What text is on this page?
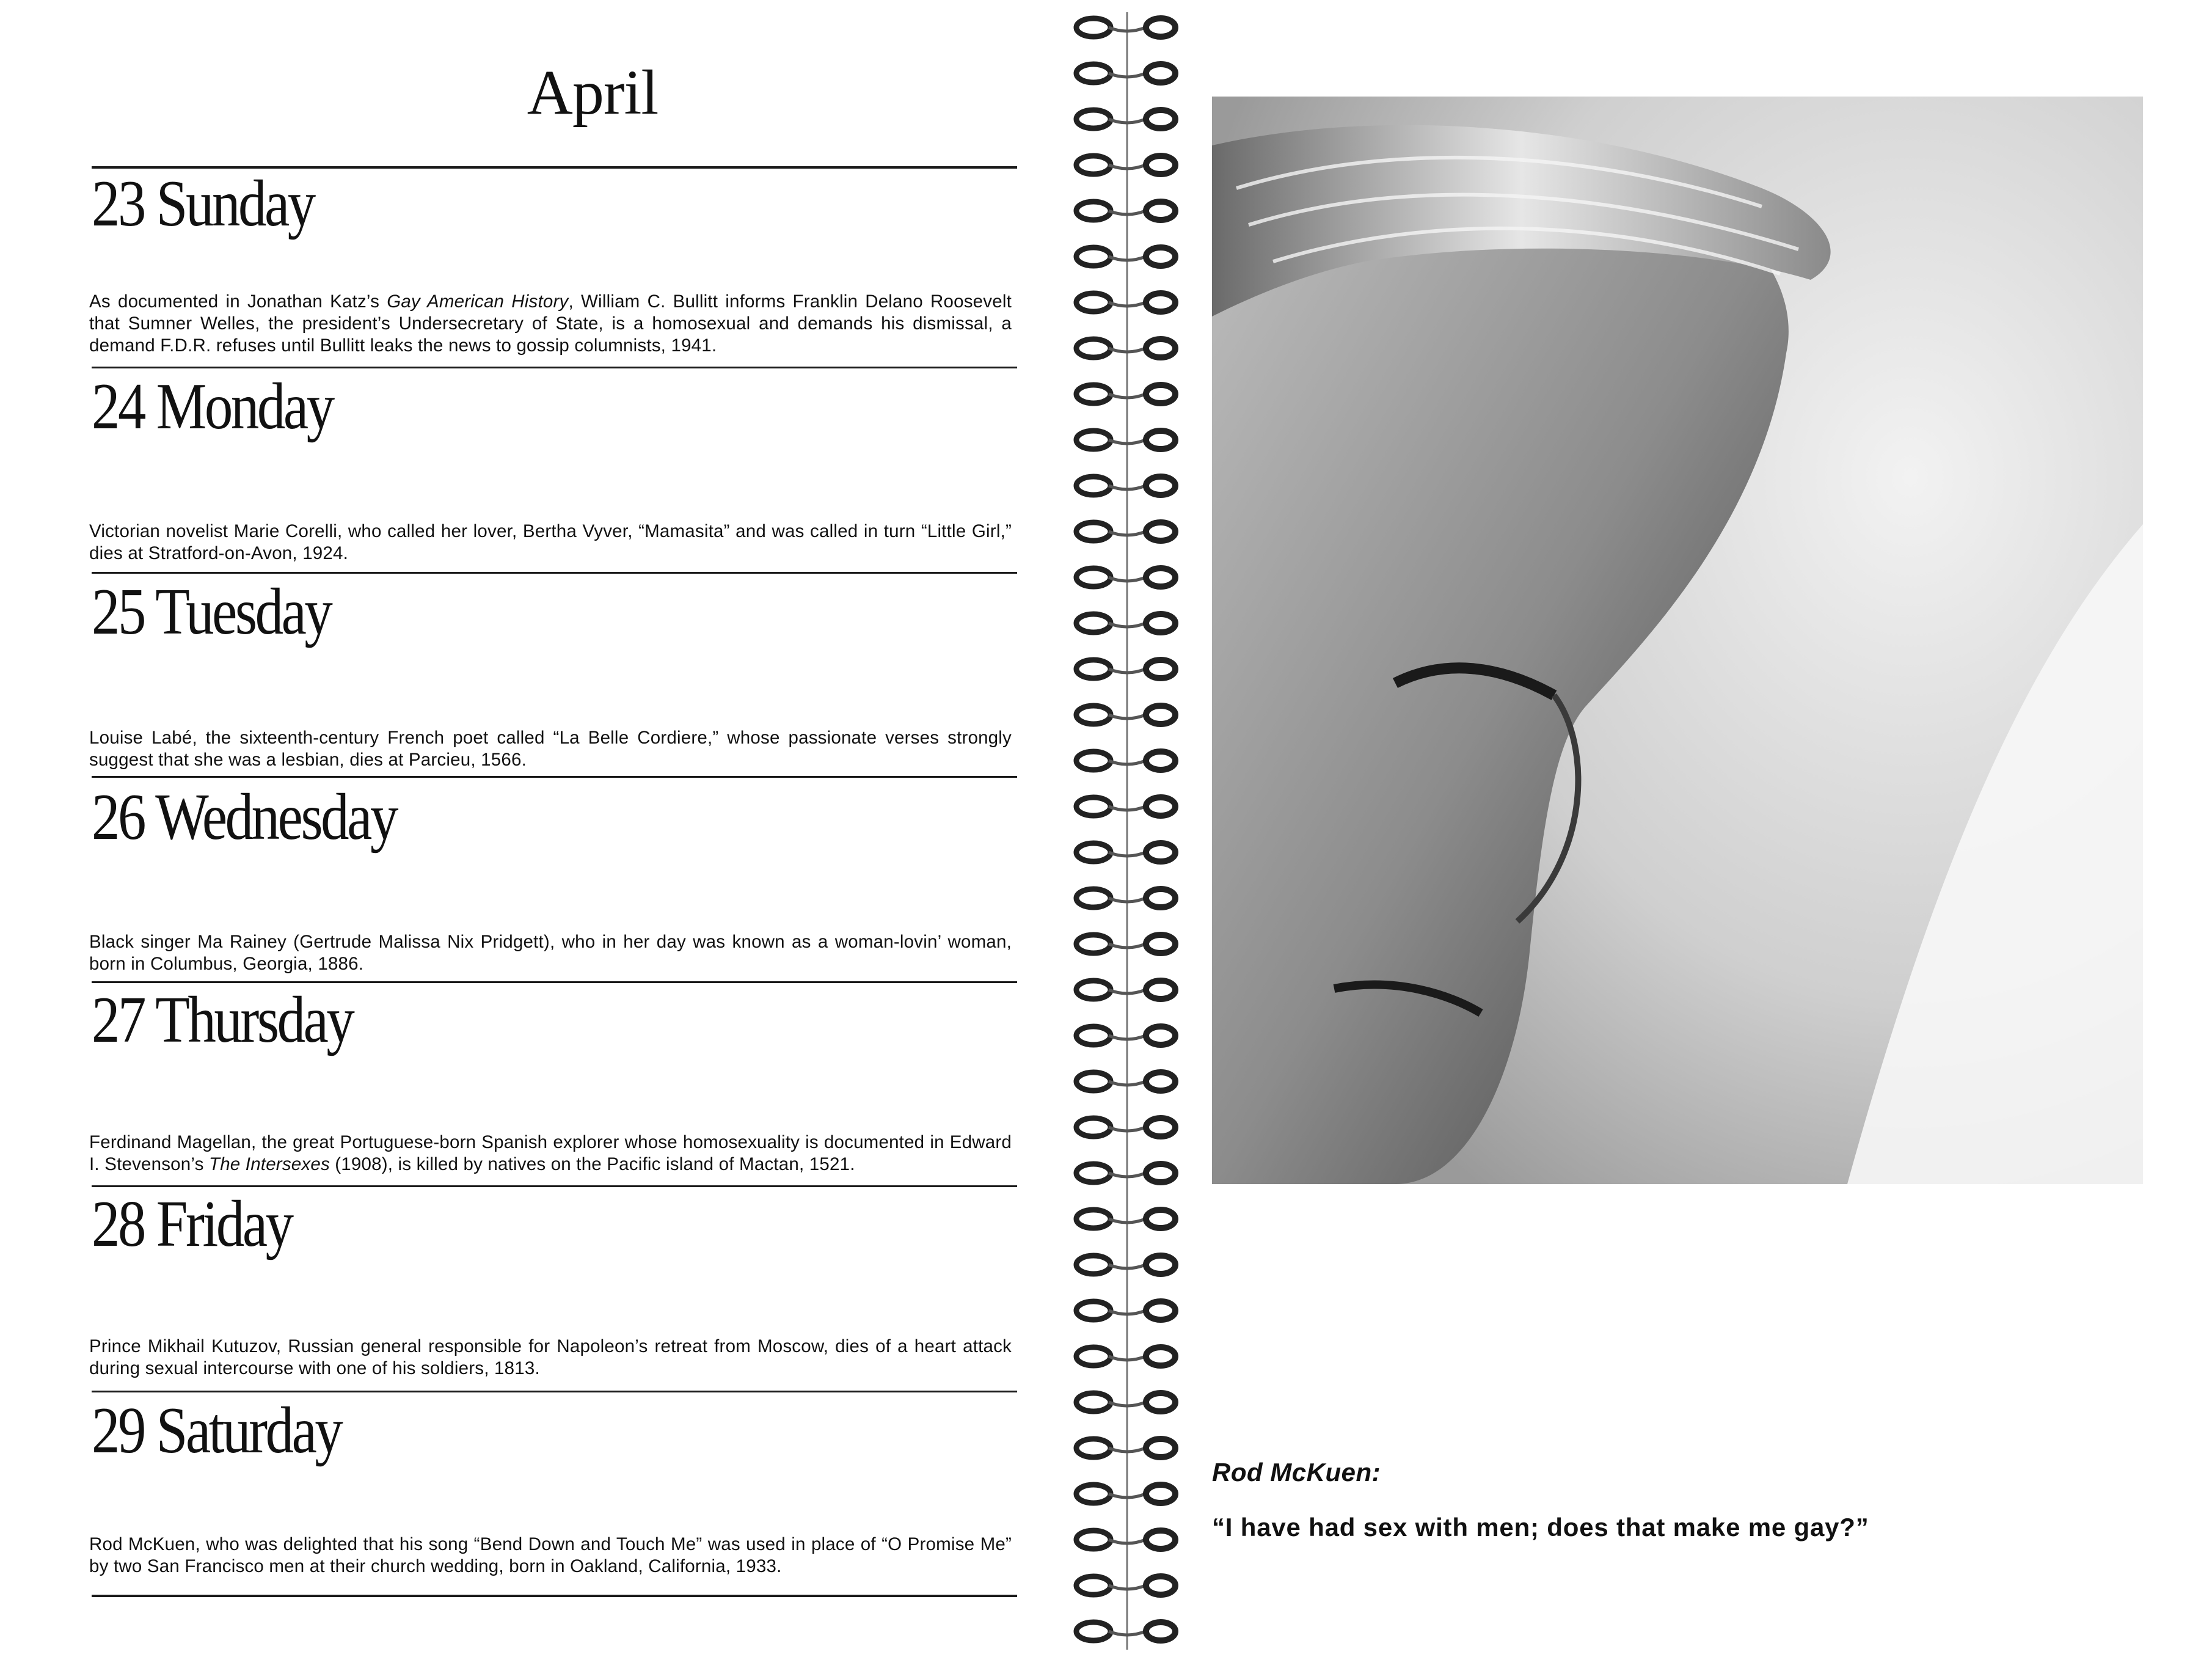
April
23 Sunday

As documented in Jonathan Katz’s Gay American History, William C. Bullitt informs Franklin Delano Roosevelt that Sumner Welles, the president’s Undersecretary of State, is a homosexual and demands his dismissal, a demand F.D.R. refuses until Bullitt leaks the news to gossip columnists, 1941.

24 Monday

Victorian novelist Marie Corelli, who called her lover, Bertha Vyver, “Mamasita” and was called in turn “Little Girl,” dies at Stratford-on-Avon, 1924.

25 Tuesday

Louise Labé, the sixteenth-century French poet called “La Belle Cordiere,” whose passionate verses strongly suggest that she was a lesbian, dies at Parcieu, 1566.

26 Wednesday

Black singer Ma Rainey (Gertrude Malissa Nix Pridgett), who in her day was known as a woman-lovin’ woman, born in Columbus, Georgia, 1886.

27 Thursday

Ferdinand Magellan, the great Portuguese-born Spanish explorer whose homosexuality is documented in Edward I. Stevenson’s The Intersexes (1908), is killed by natives on the Pacific island of Mactan, 1521.

28 Friday

Prince Mikhail Kutuzov, Russian general responsible for Napoleon’s retreat from Moscow, dies of a heart attack during sexual intercourse with one of his soldiers, 1813.

29 Saturday

Rod McKuen, who was delighted that his song “Bend Down and Touch Me” was used in place of “O Promise Me” by two San Francisco men at their church wedding, born in Oakland, California, 1933.

Rod McKuen:

“I have had sex with men; does that make me gay?”
